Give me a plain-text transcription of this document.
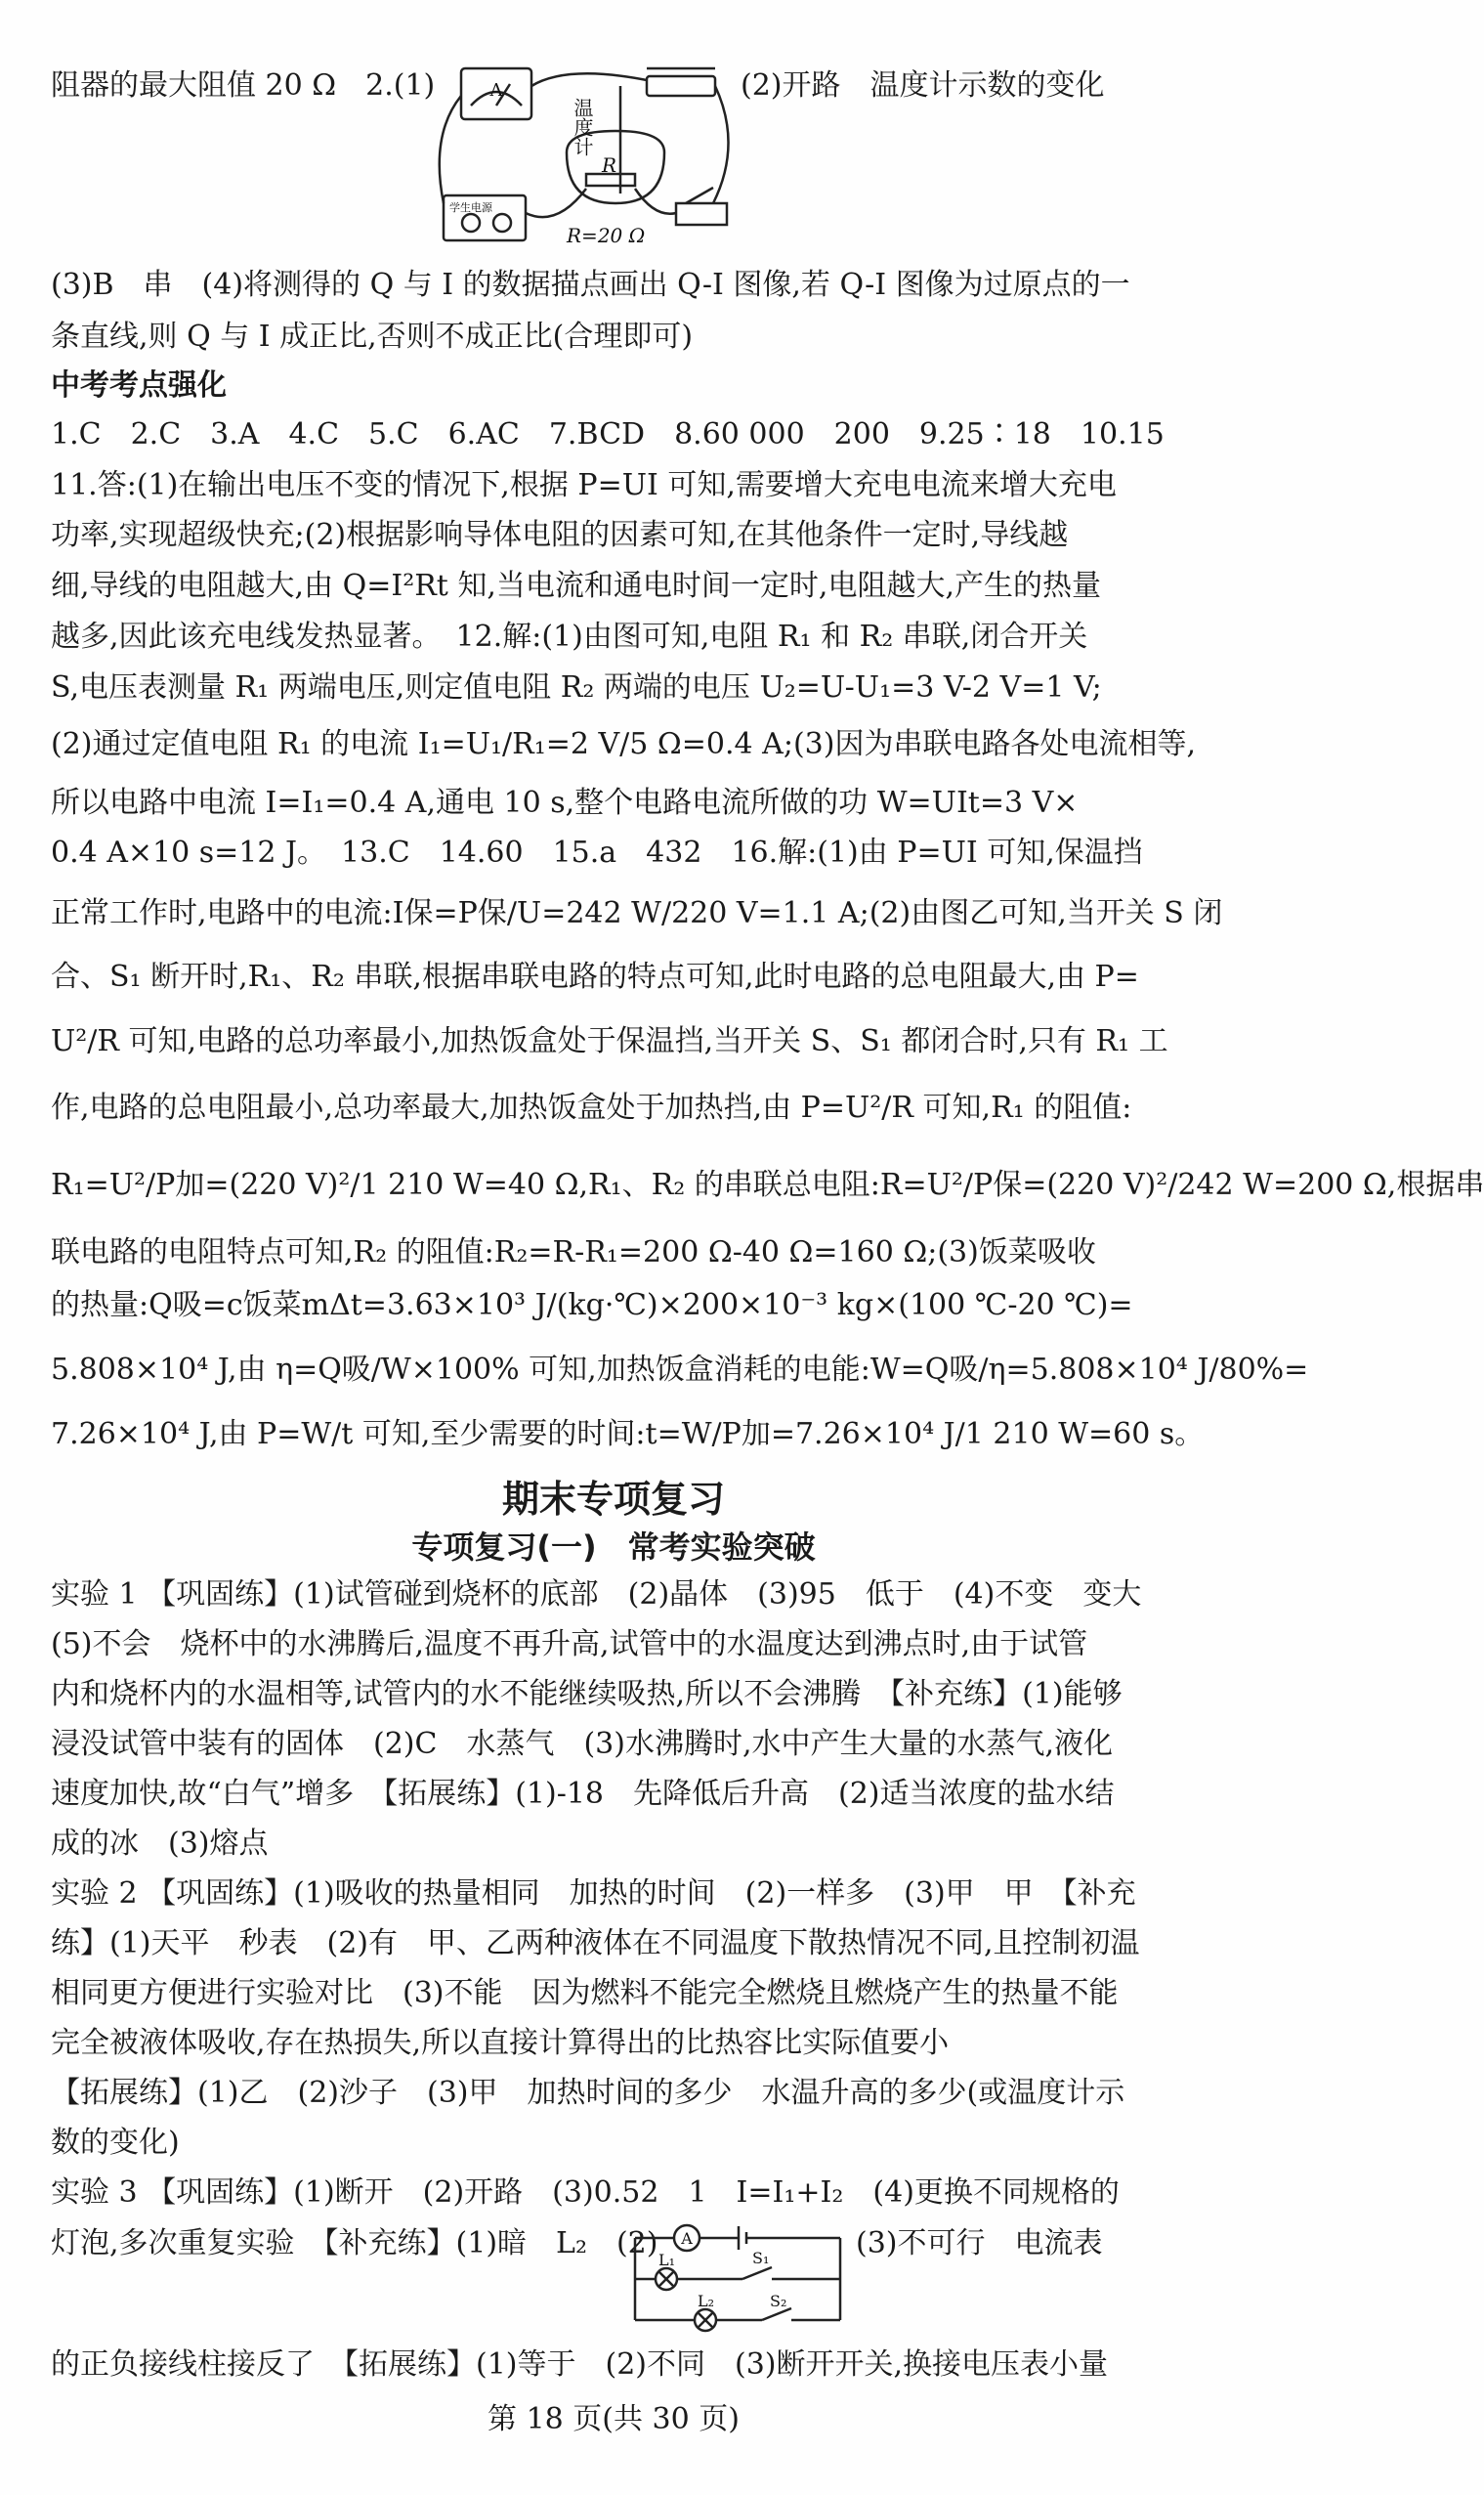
阻器的最大阻值 20 Ω　2.(1)	(2)开路　温度计示数的变化
A
温度计
学生电源
R
R=20 Ω
(3)B　串　(4)将测得的 Q 与 I 的数据描点画出 Q-I 图像,若 Q-I 图像为过原点的一
条直线,则 Q 与 I 成正比,否则不成正比(合理即可)
中考考点强化
1.C　2.C　3.A　4.C　5.C　6.AC　7.BCD　8.60 000　200　9.25∶18　10.15
11.答:(1)在输出电压不变的情况下,根据 P=UI 可知,需要增大充电电流来增大充电
功率,实现超级快充;(2)根据影响导体电阻的因素可知,在其他条件一定时,导线越
细,导线的电阻越大,由 Q=I²Rt 知,当电流和通电时间一定时,电阻越大,产生的热量
越多,因此该充电线发热显著。　12.解:(1)由图可知,电阻 R₁ 和 R₂ 串联,闭合开关
S,电压表测量 R₁ 两端电压,则定值电阻 R₂ 两端的电压 U₂=U-U₁=3 V-2 V=1 V;
(2)通过定值电阻 R₁ 的电流 I₁=U₁/R₁=2 V/5 Ω=0.4 A;(3)因为串联电路各处电流相等,
所以电路中电流 I=I₁=0.4 A,通电 10 s,整个电路电流所做的功 W=UIt=3 V×
0.4 A×10 s=12 J。　13.C　14.60　15.a　432　16.解:(1)由 P=UI 可知,保温挡
正常工作时,电路中的电流:I保=P保/U=242 W/220 V=1.1 A;(2)由图乙可知,当开关 S 闭
合、S₁ 断开时,R₁、R₂ 串联,根据串联电路的特点可知,此时电路的总电阻最大,由 P=
U²/R 可知,电路的总功率最小,加热饭盒处于保温挡,当开关 S、S₁ 都闭合时,只有 R₁ 工
作,电路的总电阻最小,总功率最大,加热饭盒处于加热挡,由 P=U²/R 可知,R₁ 的阻值:
R₁=U²/P加=(220 V)²/1 210 W=40 Ω,R₁、R₂ 的串联总电阻:R=U²/P保=(220 V)²/242 W=200 Ω,根据串
联电路的电阻特点可知,R₂ 的阻值:R₂=R-R₁=200 Ω-40 Ω=160 Ω;(3)饭菜吸收
的热量:Q吸=c饭菜mΔt=3.63×10³ J/(kg·℃)×200×10⁻³ kg×(100 ℃-20 ℃)=
5.808×10⁴ J,由 η=Q吸/W×100% 可知,加热饭盒消耗的电能:W=Q吸/η=5.808×10⁴ J/80%=
7.26×10⁴ J,由 P=W/t 可知,至少需要的时间:t=W/P加=7.26×10⁴ J/1 210 W=60 s。
期末专项复习
专项复习(一)　常考实验突破
实验 1 【巩固练】(1)试管碰到烧杯的底部　(2)晶体　(3)95　低于　(4)不变　变大
(5)不会　烧杯中的水沸腾后,温度不再升高,试管中的水温度达到沸点时,由于试管
内和烧杯内的水温相等,试管内的水不能继续吸热,所以不会沸腾　【补充练】(1)能够
浸没试管中装有的固体　(2)C　水蒸气　(3)水沸腾时,水中产生大量的水蒸气,液化
速度加快,故“白气”增多　【拓展练】(1)-18　先降低后升高　(2)适当浓度的盐水结
成的冰　(3)熔点
实验 2 【巩固练】(1)吸收的热量相同　加热的时间　(2)一样多　(3)甲　甲　【补充
练】(1)天平　秒表　(2)有　甲、乙两种液体在不同温度下散热情况不同,且控制初温
相同更方便进行实验对比　(3)不能　因为燃料不能完全燃烧且燃烧产生的热量不能
完全被液体吸收,存在热损失,所以直接计算得出的比热容比实际值要小
【拓展练】(1)乙　(2)沙子　(3)甲　加热时间的多少　水温升高的多少(或温度计示
数的变化)
实验 3 【巩固练】(1)断开　(2)开路　(3)0.52　1　I=I₁+I₂　(4)更换不同规格的
灯泡,多次重复实验　【补充练】(1)暗　L₂　(2)	(3)不可行　电流表
A
L₁	S₁
L₂	S₂
的正负接线柱接反了　【拓展练】(1)等于　(2)不同　(3)断开开关,换接电压表小量
第 18 页(共 30 页)
